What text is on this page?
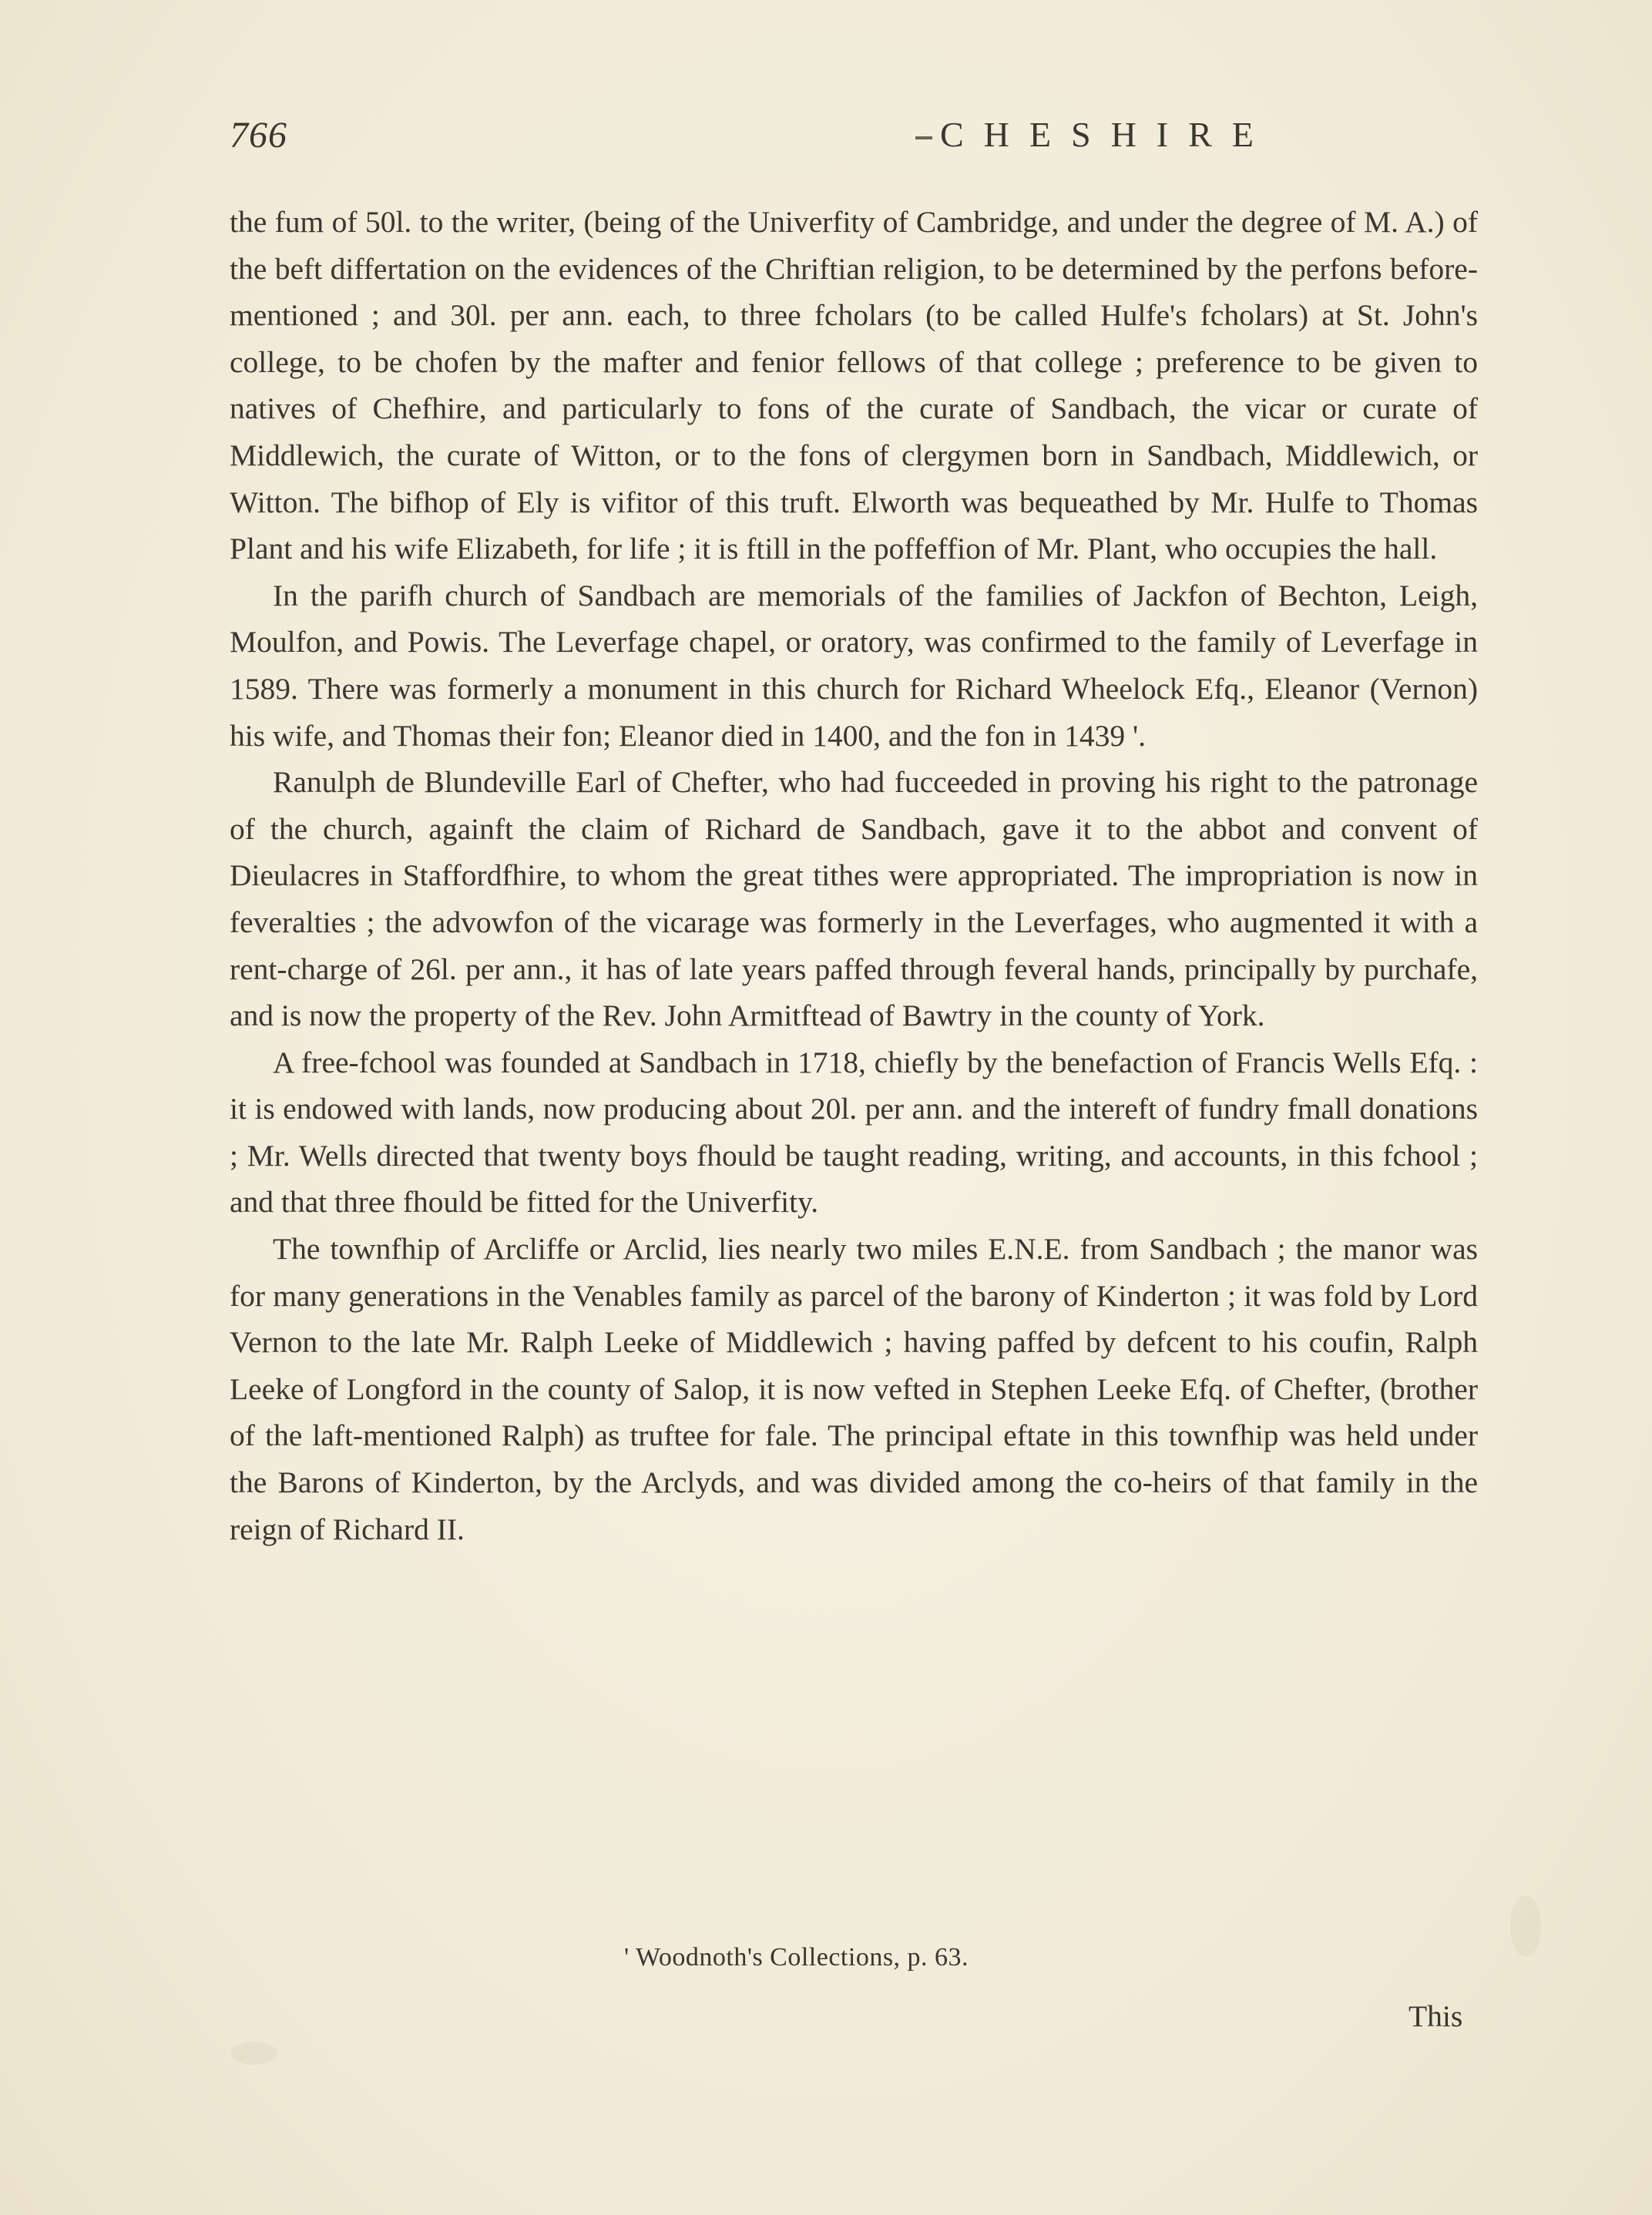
766	CHESHIRE

the fum of 50l. to the writer, (being of the Univerfity of Cambridge, and under the degree of M. A.) of the beft differtation on the evidences of the Chriftian religion, to be determined by the perfons before-mentioned ; and 30l. per ann. each, to three fcholars (to be called Hulfe's fcholars) at St. John's college, to be chofen by the mafter and fenior fellows of that college ; preference to be given to natives of Chefhire, and particularly to fons of the curate of Sandbach, the vicar or curate of Middlewich, the curate of Witton, or to the fons of clergymen born in Sandbach, Middlewich, or Witton. The bifhop of Ely is vifitor of this truft. Elworth was bequeathed by Mr. Hulfe to Thomas Plant and his wife Elizabeth, for life ; it is ftill in the poffeffion of Mr. Plant, who occupies the hall.

In the parifh church of Sandbach are memorials of the families of Jackfon of Bechton, Leigh, Moulfon, and Powis. The Leverfage chapel, or oratory, was confirmed to the family of Leverfage in 1589. There was formerly a monument in this church for Richard Wheelock Efq., Eleanor (Vernon) his wife, and Thomas their fon; Eleanor died in 1400, and the fon in 1439 '.

Ranulph de Blundeville Earl of Chefter, who had fucceeded in proving his right to the patronage of the church, againft the claim of Richard de Sandbach, gave it to the abbot and convent of Dieulacres in Staffordfhire, to whom the great tithes were appropriated. The impropriation is now in feveralties ; the advowfon of the vicarage was formerly in the Leverfages, who augmented it with a rent-charge of 26l. per ann., it has of late years paffed through feveral hands, principally by purchafe, and is now the property of the Rev. John Armitftead of Bawtry in the county of York.

A free-fchool was founded at Sandbach in 1718, chiefly by the benefaction of Francis Wells Efq. : it is endowed with lands, now producing about 20l. per ann. and the intereft of fundry fmall donations ; Mr. Wells directed that twenty boys fhould be taught reading, writing, and accounts, in this fchool ; and that three fhould be fitted for the Univerfity.

The townfhip of Arcliffe or Arclid, lies nearly two miles E.N.E. from Sandbach ; the manor was for many generations in the Venables family as parcel of the barony of Kinderton ; it was fold by Lord Vernon to the late Mr. Ralph Leeke of Middlewich ; having paffed by defcent to his coufin, Ralph Leeke of Longford in the county of Salop, it is now vefted in Stephen Leeke Efq. of Chefter, (brother of the laft-mentioned Ralph) as truftee for fale. The principal eftate in this townfhip was held under the Barons of Kinderton, by the Arclyds, and was divided among the co-heirs of that family in the reign of Richard II.

' Woodnoth's Collections, p. 63.
This
